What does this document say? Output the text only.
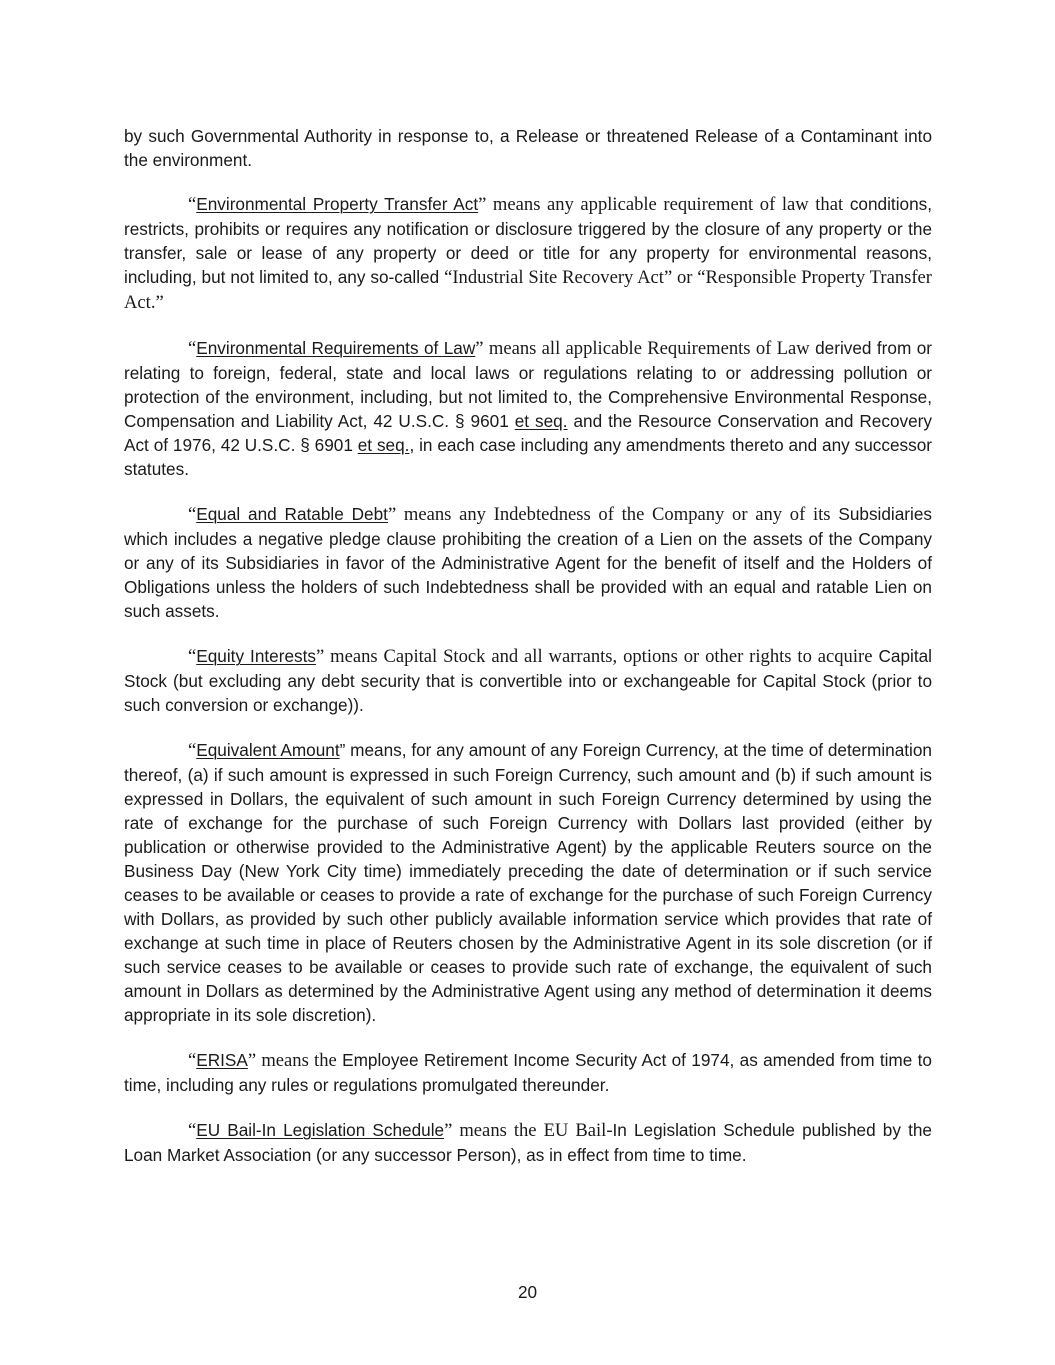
by such Governmental Authority in response to, a Release or threatened Release of a Contaminant into the environment.

“Environmental Property Transfer Act” means any applicable requirement of law that conditions, restricts, prohibits or requires any notification or disclosure triggered by the closure of any property or the transfer, sale or lease of any property or deed or title for any property for environmental reasons, including, but not limited to, any so-called “Industrial Site Recovery Act” or “Responsible Property Transfer Act.”

“Environmental Requirements of Law” means all applicable Requirements of Law derived from or relating to foreign, federal, state and local laws or regulations relating to or addressing pollution or protection of the environment, including, but not limited to, the Comprehensive Environmental Response, Compensation and Liability Act, 42 U.S.C. § 9601 et seq. and the Resource Conservation and Recovery Act of 1976, 42 U.S.C. § 6901 et seq., in each case including any amendments thereto and any successor statutes.

“Equal and Ratable Debt” means any Indebtedness of the Company or any of its Subsidiaries which includes a negative pledge clause prohibiting the creation of a Lien on the assets of the Company or any of its Subsidiaries in favor of the Administrative Agent for the benefit of itself and the Holders of Obligations unless the holders of such Indebtedness shall be provided with an equal and ratable Lien on such assets.

“Equity Interests” means Capital Stock and all warrants, options or other rights to acquire Capital Stock (but excluding any debt security that is convertible into or exchangeable for Capital Stock (prior to such conversion or exchange)).

“Equivalent Amount” means, for any amount of any Foreign Currency, at the time of determination thereof, (a) if such amount is expressed in such Foreign Currency, such amount and (b) if such amount is expressed in Dollars, the equivalent of such amount in such Foreign Currency determined by using the rate of exchange for the purchase of such Foreign Currency with Dollars last provided (either by publication or otherwise provided to the Administrative Agent) by the applicable Reuters source on the Business Day (New York City time) immediately preceding the date of determination or if such service ceases to be available or ceases to provide a rate of exchange for the purchase of such Foreign Currency with Dollars, as provided by such other publicly available information service which provides that rate of exchange at such time in place of Reuters chosen by the Administrative Agent in its sole discretion (or if such service ceases to be available or ceases to provide such rate of exchange, the equivalent of such amount in Dollars as determined by the Administrative Agent using any method of determination it deems appropriate in its sole discretion).

“ERISA” means the Employee Retirement Income Security Act of 1974, as amended from time to time, including any rules or regulations promulgated thereunder.

“EU Bail-In Legislation Schedule” means the EU Bail-In Legislation Schedule published by the Loan Market Association (or any successor Person), as in effect from time to time.

20
